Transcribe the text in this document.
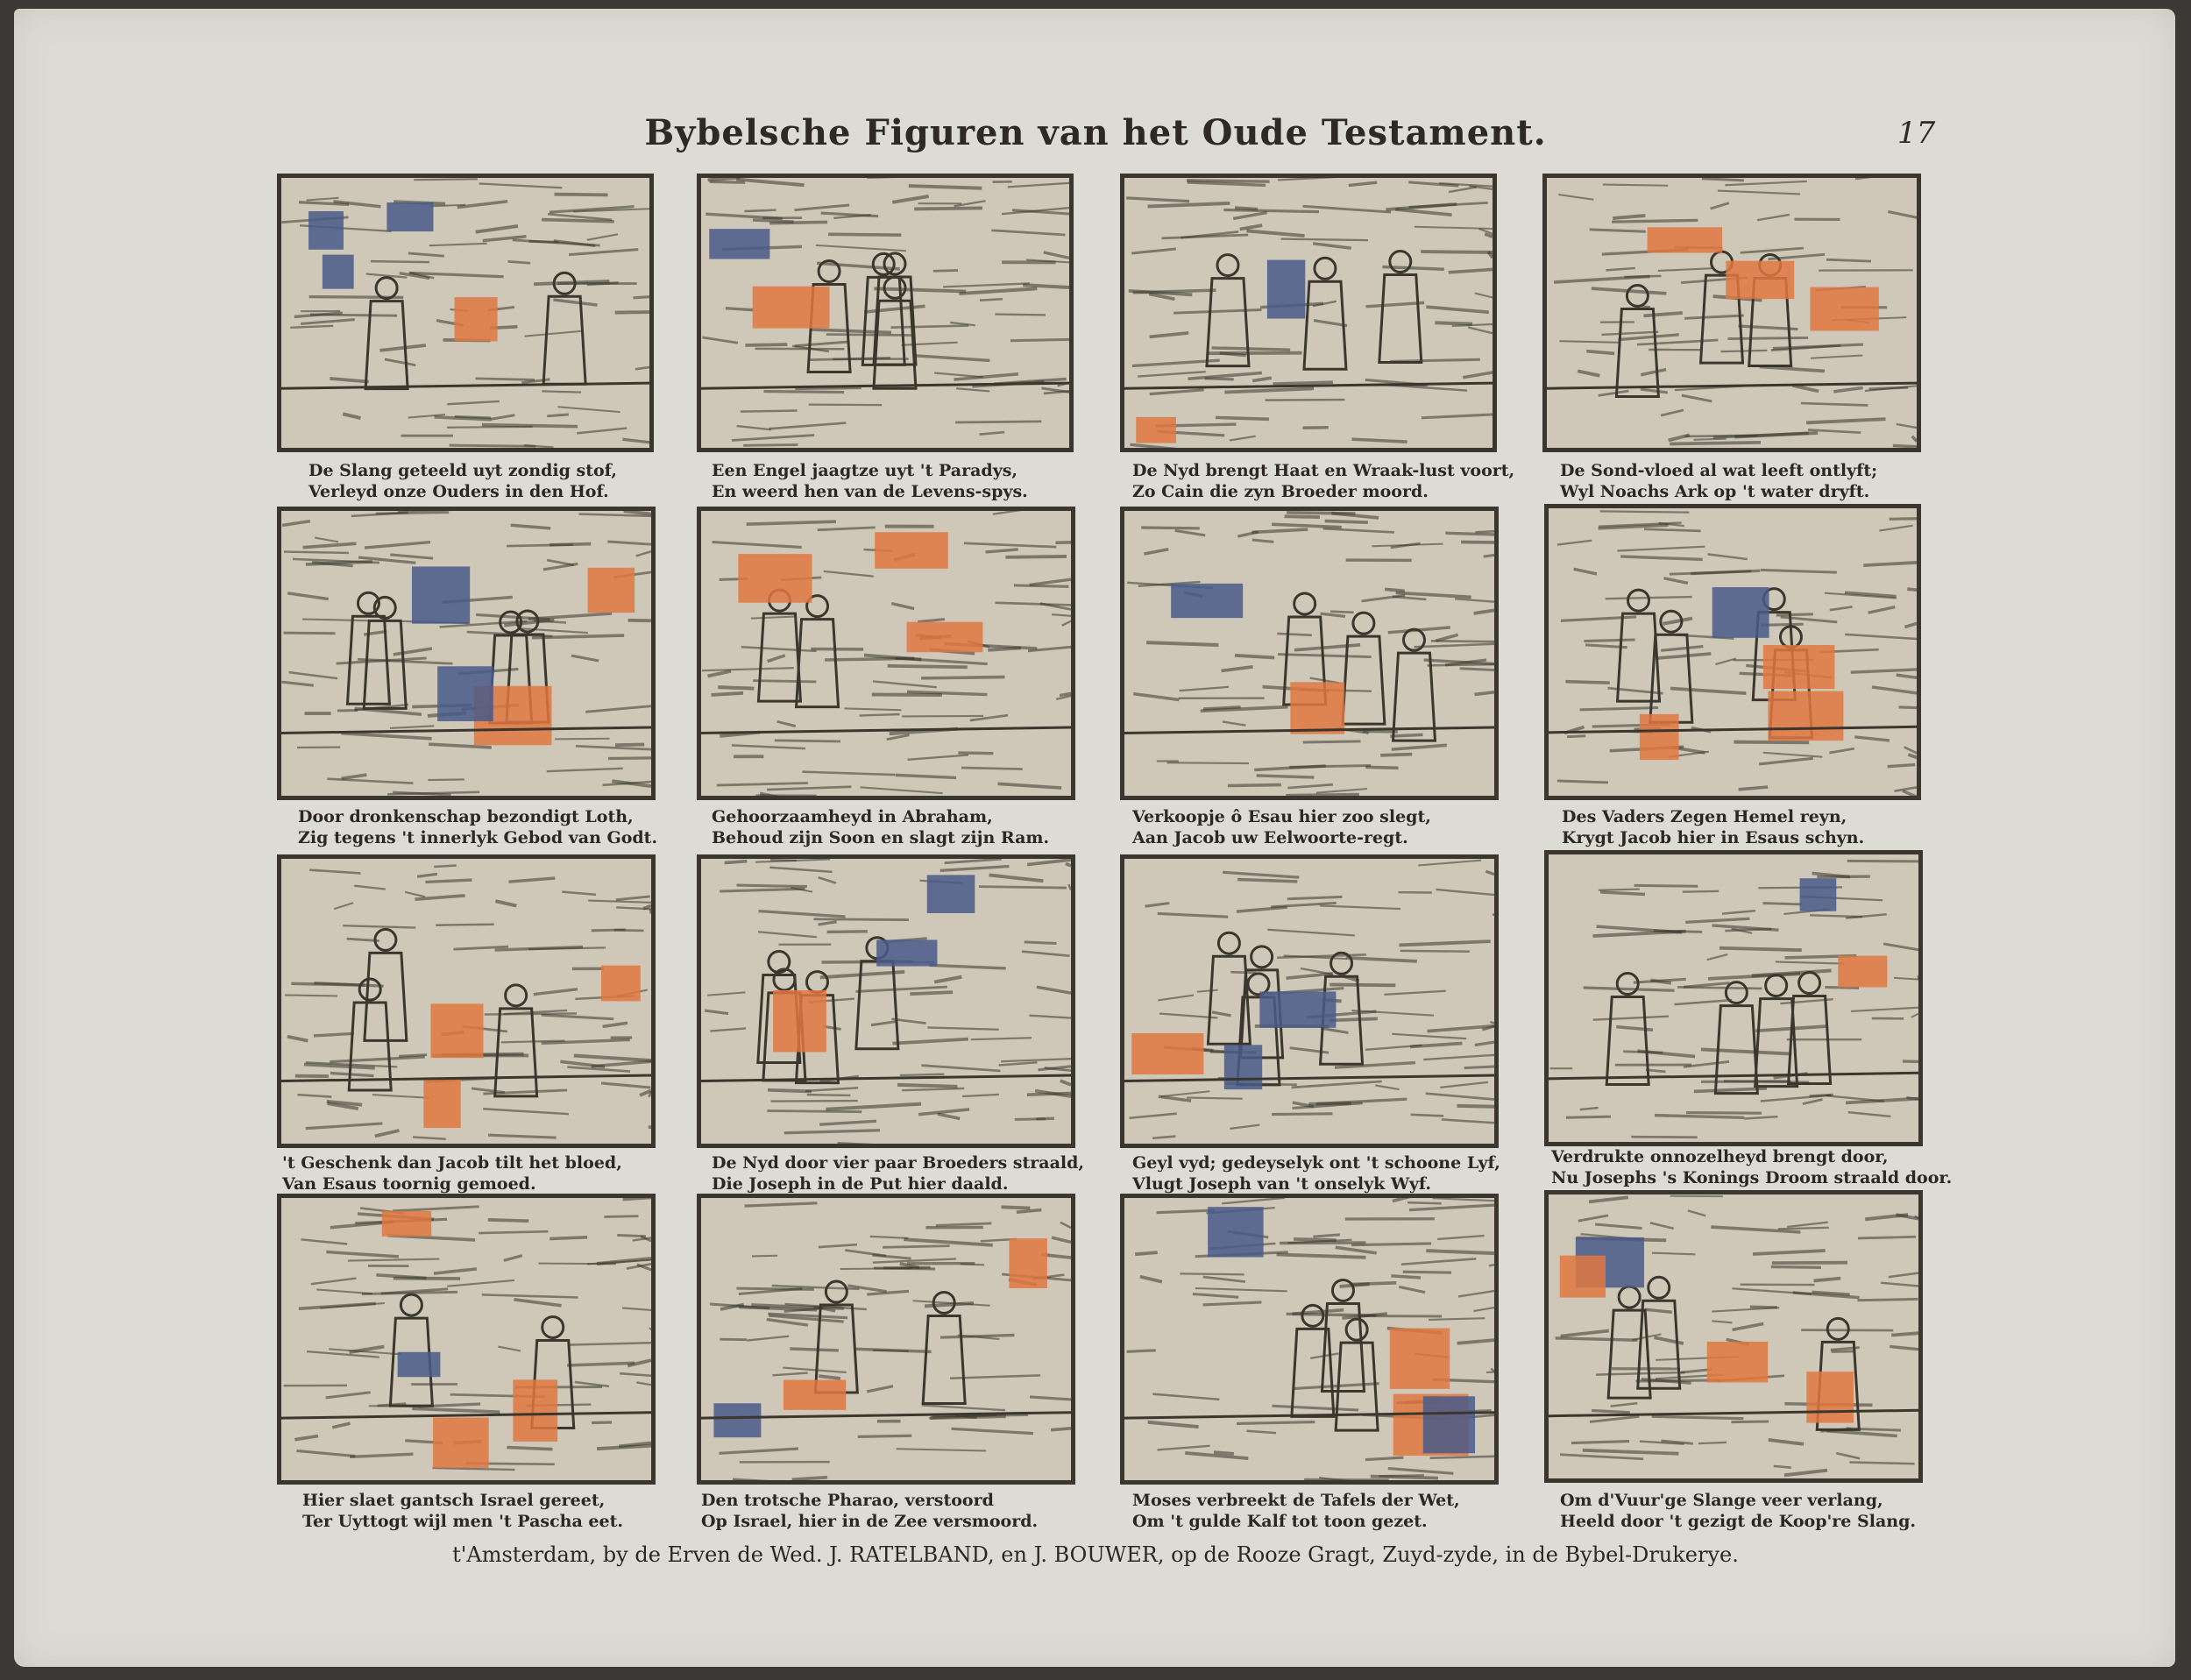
Bybelsche Figuren van het Oude Testament.	17
De Slang geteeld uyt zondig stof,
Verleyd onze Ouders in den Hof.
Een Engel jaagtze uyt 't Paradys,
En weerd hen van de Levens-spys.
De Nyd brengt Haat en Wraak-lust voort,
Zo Cain die zyn Broeder moord.
De Sond-vloed al wat leeft ontlyft;
Wyl Noachs Ark op 't water dryft.
Door dronkenschap bezondigt Loth,
Zig tegens 't innerlyk Gebod van Godt.
Gehoorzaamheyd in Abraham,
Behoud zijn Soon en slagt zijn Ram.
Verkoopje ô Esau hier zoo slegt,
Aan Jacob uw Eelwoorte-regt.
Des Vaders Zegen Hemel reyn,
Krygt Jacob hier in Esaus schyn.
't Geschenk dan Jacob tilt het bloed,
Van Esaus toornig gemoed.
De Nyd door vier paar Broeders straald,
Die Joseph in de Put hier daald.
Geyl vyd; gedeyselyk ont 't schoone Lyf,
Vlugt Joseph van 't onselyk Wyf.
Verdrukte onnozelheyd brengt door,
Nu Josephs 's Konings Droom straald door.
Hier slaet gantsch Israel gereet,
Ter Uyttogt wijl men 't Pascha eet.
Den trotsche Pharao, verstoord
Op Israel, hier in de Zee versmoord.
Moses verbreekt de Tafels der Wet,
Om 't gulde Kalf tot toon gezet.
Om d'Vuur'ge Slange veer verlang,
Heeld door 't gezigt de Koop're Slang.
t'Amsterdam, by de Erven de Wed. J. RATELBAND, en J. BOUWER, op de Rooze Gragt, Zuyd-zyde, in de Bybel-Drukerye.
